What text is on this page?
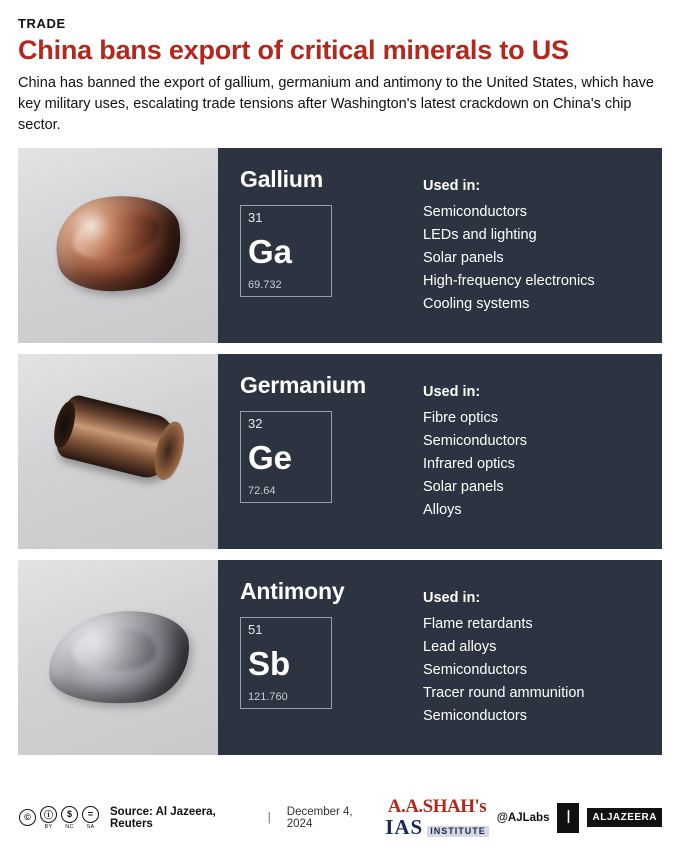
TRADE
China bans export of critical minerals to US

China has banned the export of gallium, germanium and antimony to the United States, which have key military uses, escalating trade tensions after Washington's latest crackdown on China's chip sector.

Gallium
31
Ga
69.732
Used in:
Semiconductors
LEDs and lighting
Solar panels
High-frequency electronics
Cooling systems
Germanium
32
Ge
72.64
Used in:
Fibre optics
Semiconductors
Infrared optics
Solar panels
Alloys
Antimony
51
Sb
121.760
Used in:
Flame retardants
Lead alloys
Semiconductors
Tracer round ammunition
Semiconductors
©	ⓘ
BY
$
NC
=
SA
Source: Al Jazeera, Reuters	|	December 4, 2024
A.A.SHAH's
IAS INSTITUTE
@AJLabs ا	ALJAZEERA
